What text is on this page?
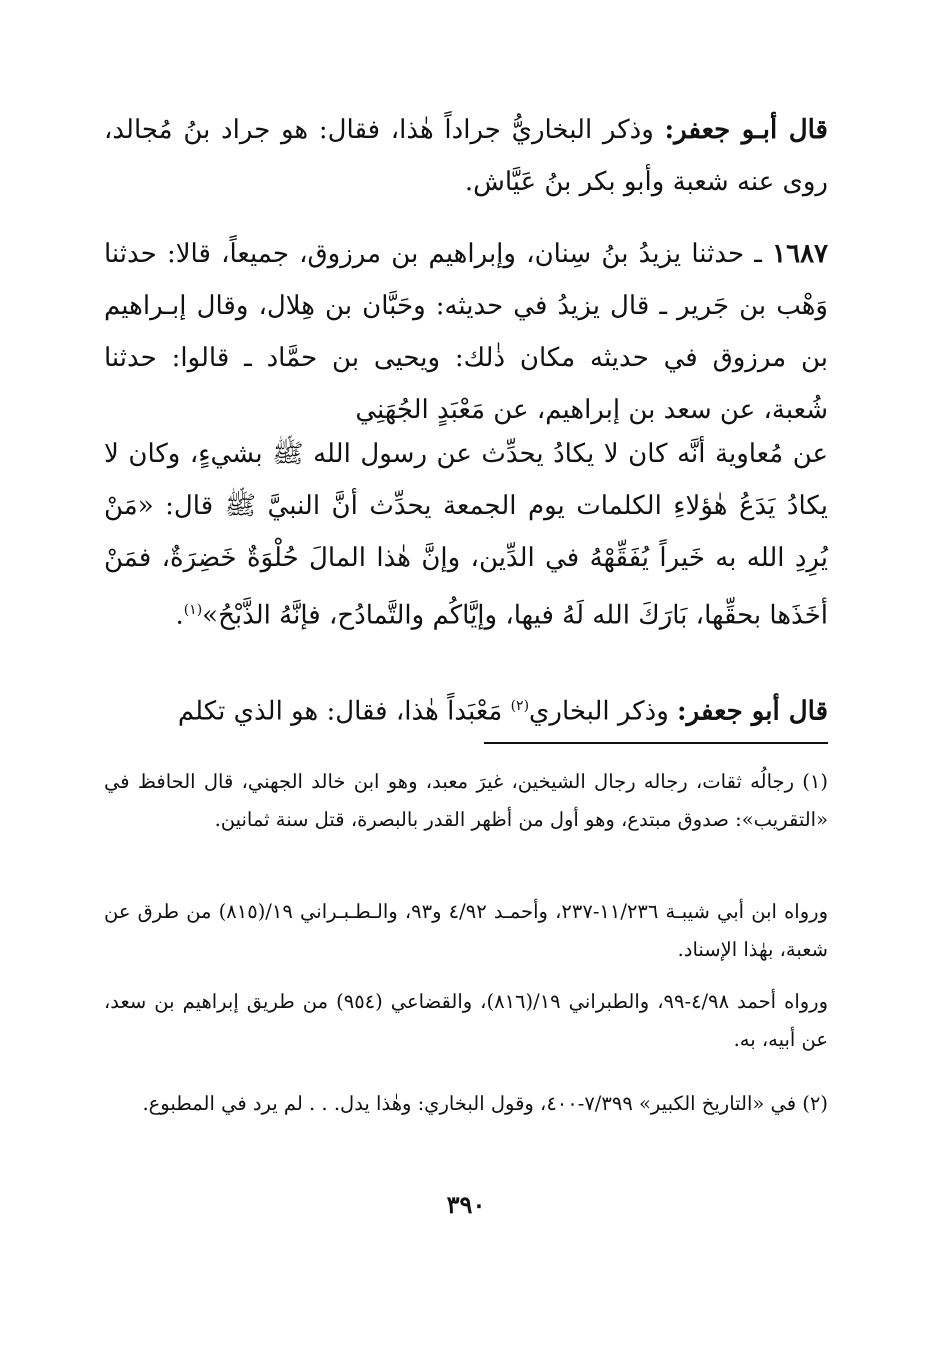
قال أبـو جعفر: وذكر البخاريُّ جراداً هٰذا، فقال: هو جراد بنُ مُجالد، روى عنه شعبة وأبو بكر بنُ عَيَّاش.

١٦٨٧ ـ حدثنا يزيدُ بنُ سِنان، وإبراهيم بن مرزوق، جميعاً، قالا: حدثنا وَهْب بن جَرير ـ قال يزيدُ في حديثه: وحَبَّان بن هِلال، وقال إبـراهيم بن مرزوق في حديثه مكان ذٰلك: ويحيى بن حمَّاد ـ قالوا: حدثنا شُعبة، عن سعد بن إبراهيم، عن مَعْبَدٍ الجُهَنِي

عن مُعاوية أنَّه كان لا يكادُ يحدِّث عن رسول الله ﷺ بشيءٍ، وكان لا يكادُ يَدَعُ هٰؤلاءِ الكلمات يوم الجمعة يحدِّث أنَّ النبيَّ ﷺ قال: «مَنْ يُرِدِ الله به خَيراً يُفَقِّهْهُ في الدِّين، وإنَّ هٰذا المالَ حُلْوَةٌ خَضِرَةٌ، فمَنْ أخَذَها بحقِّها، بَارَكَ الله لَهُ فيها، وإيَّاكُم والتَّمادُح، فإنَّهُ الذَّبْحُ»$^{(١)}$.

قال أبو جعفر: وذكر البخاري$^{(٢)}$ مَعْبَداً هٰذا، فقال: هو الذي تكلم

(١) رجالُه ثقات، رجاله رجال الشيخين، غيرَ معبد، وهو ابن خالد الجهني، قال الحافظ في «التقريب»: صدوق مبتدع، وهو أول من أظهر القدر بالبصرة، قتل سنة ثمانين.

ورواه ابن أبي شيبـة ١١/٢٣٦-٢٣٧، وأحمـد ٤/٩٢ و٩٣، والـطـبـراني ١٩/(٨١٥) من طرق عن شعبة، بهٰذا الإسناد.

ورواه أحمد ٤/٩٨-٩٩، والطبراني ١٩/(٨١٦)، والقضاعي (٩٥٤) من طريق إبراهيم بن سعد، عن أبيه، به.

(٢) في «التاريخ الكبير» ٧/٣٩٩-٤٠٠، وقول البخاري: وهٰذا يدل. . . لم يرد في المطبوع.

٣٩٠
